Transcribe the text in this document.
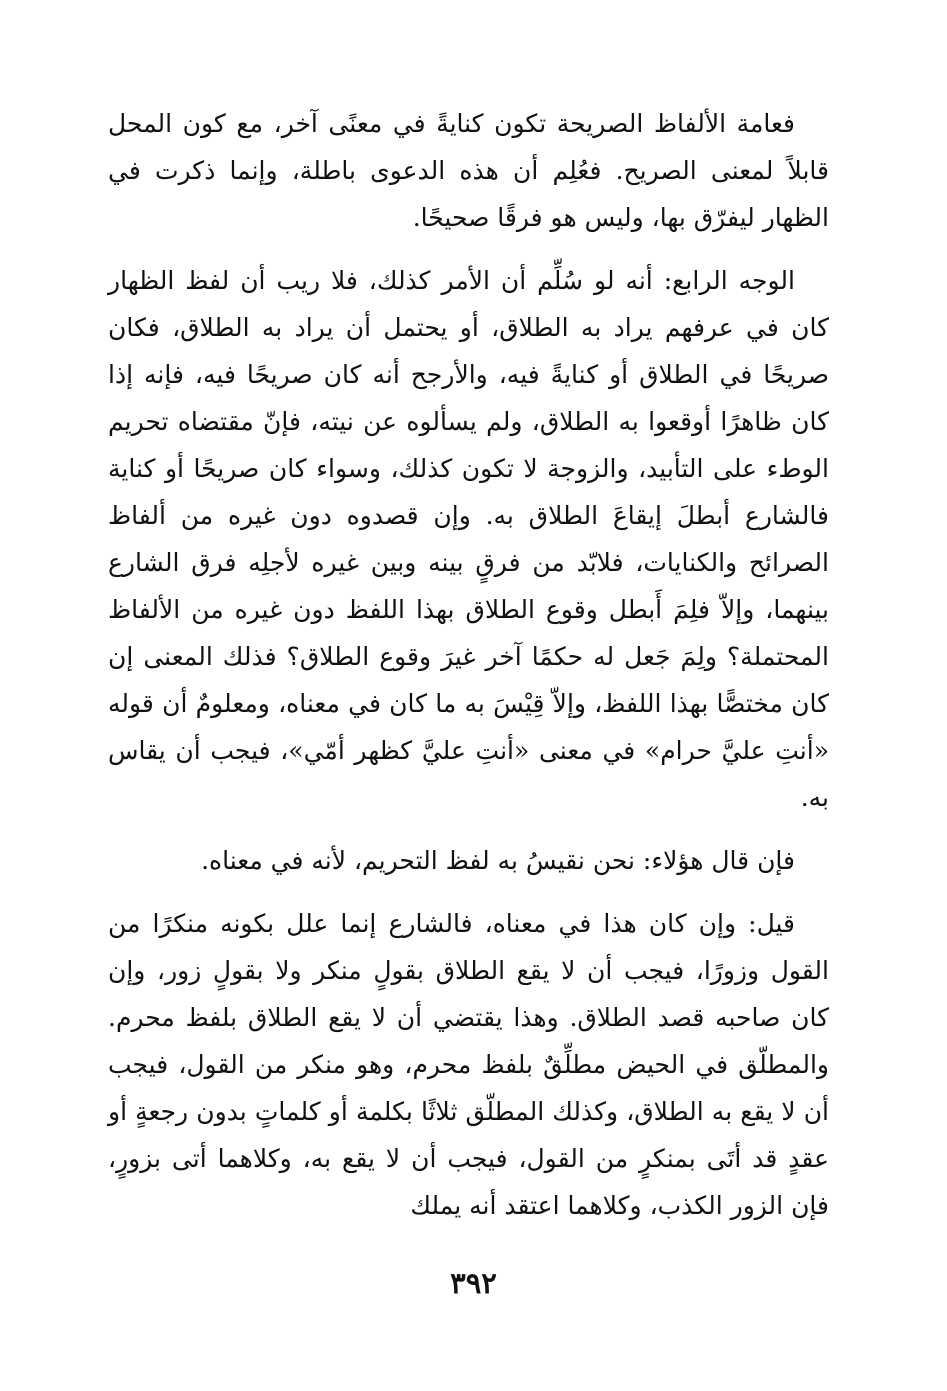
فعامة الألفاظ الصريحة تكون كنايةً في معنًى آخر، مع كون المحل قابلاً لمعنى الصريح. فعُلِم أن هذه الدعوى باطلة، وإنما ذكرت في الظهار ليفرّق بها، وليس هو فرقًا صحيحًا.

الوجه الرابع: أنه لو سُلِّم أن الأمر كذلك، فلا ريب أن لفظ الظهار كان في عرفهم يراد به الطلاق، أو يحتمل أن يراد به الطلاق، فكان صريحًا في الطلاق أو كنايةً فيه، والأرجح أنه كان صريحًا فيه، فإنه إذا كان ظاهرًا أوقعوا به الطلاق، ولم يسألوه عن نيته، فإنّ مقتضاه تحريم الوطء على التأبيد، والزوجة لا تكون كذلك، وسواء كان صريحًا أو كناية فالشارع أبطلَ إيقاعَ الطلاق به. وإن قصدوه دون غيره من ألفاظ الصرائح والكنايات، فلابّد من فرقٍ بينه وبين غيره لأجلِه فرق الشارع بينهما، وإلاّ فلِمَ أَبطل وقوع الطلاق بهذا اللفظ دون غيره من الألفاظ المحتملة؟ ولِمَ جَعل له حكمًا آخر غيرَ وقوع الطلاق؟ فذلك المعنى إن كان مختصًّا بهذا اللفظ، وإلاّ قِيْسَ به ما كان في معناه، ومعلومٌ أن قوله «أنتِ عليَّ حرام» في معنى «أنتِ عليَّ كظهر أمّي»، فيجب أن يقاس به.

فإن قال هؤلاء: نحن نقيسُ به لفظ التحريم، لأنه في معناه.

قيل: وإن كان هذا في معناه، فالشارع إنما علل بكونه منكرًا من القول وزورًا، فيجب أن لا يقع الطلاق بقولٍ منكر ولا بقولٍ زور، وإن كان صاحبه قصد الطلاق. وهذا يقتضي أن لا يقع الطلاق بلفظ محرم. والمطلّق في الحيض مطلِّقٌ بلفظ محرم، وهو منكر من القول، فيجب أن لا يقع به الطلاق، وكذلك المطلّق ثلاثًا بكلمة أو كلماتٍ بدون رجعةٍ أو عقدٍ قد أتَى بمنكرٍ من القول، فيجب أن لا يقع به، وكلاهما أتى بزورٍ، فإن الزور الكذب، وكلاهما اعتقد أنه يملك

٣٩٢
